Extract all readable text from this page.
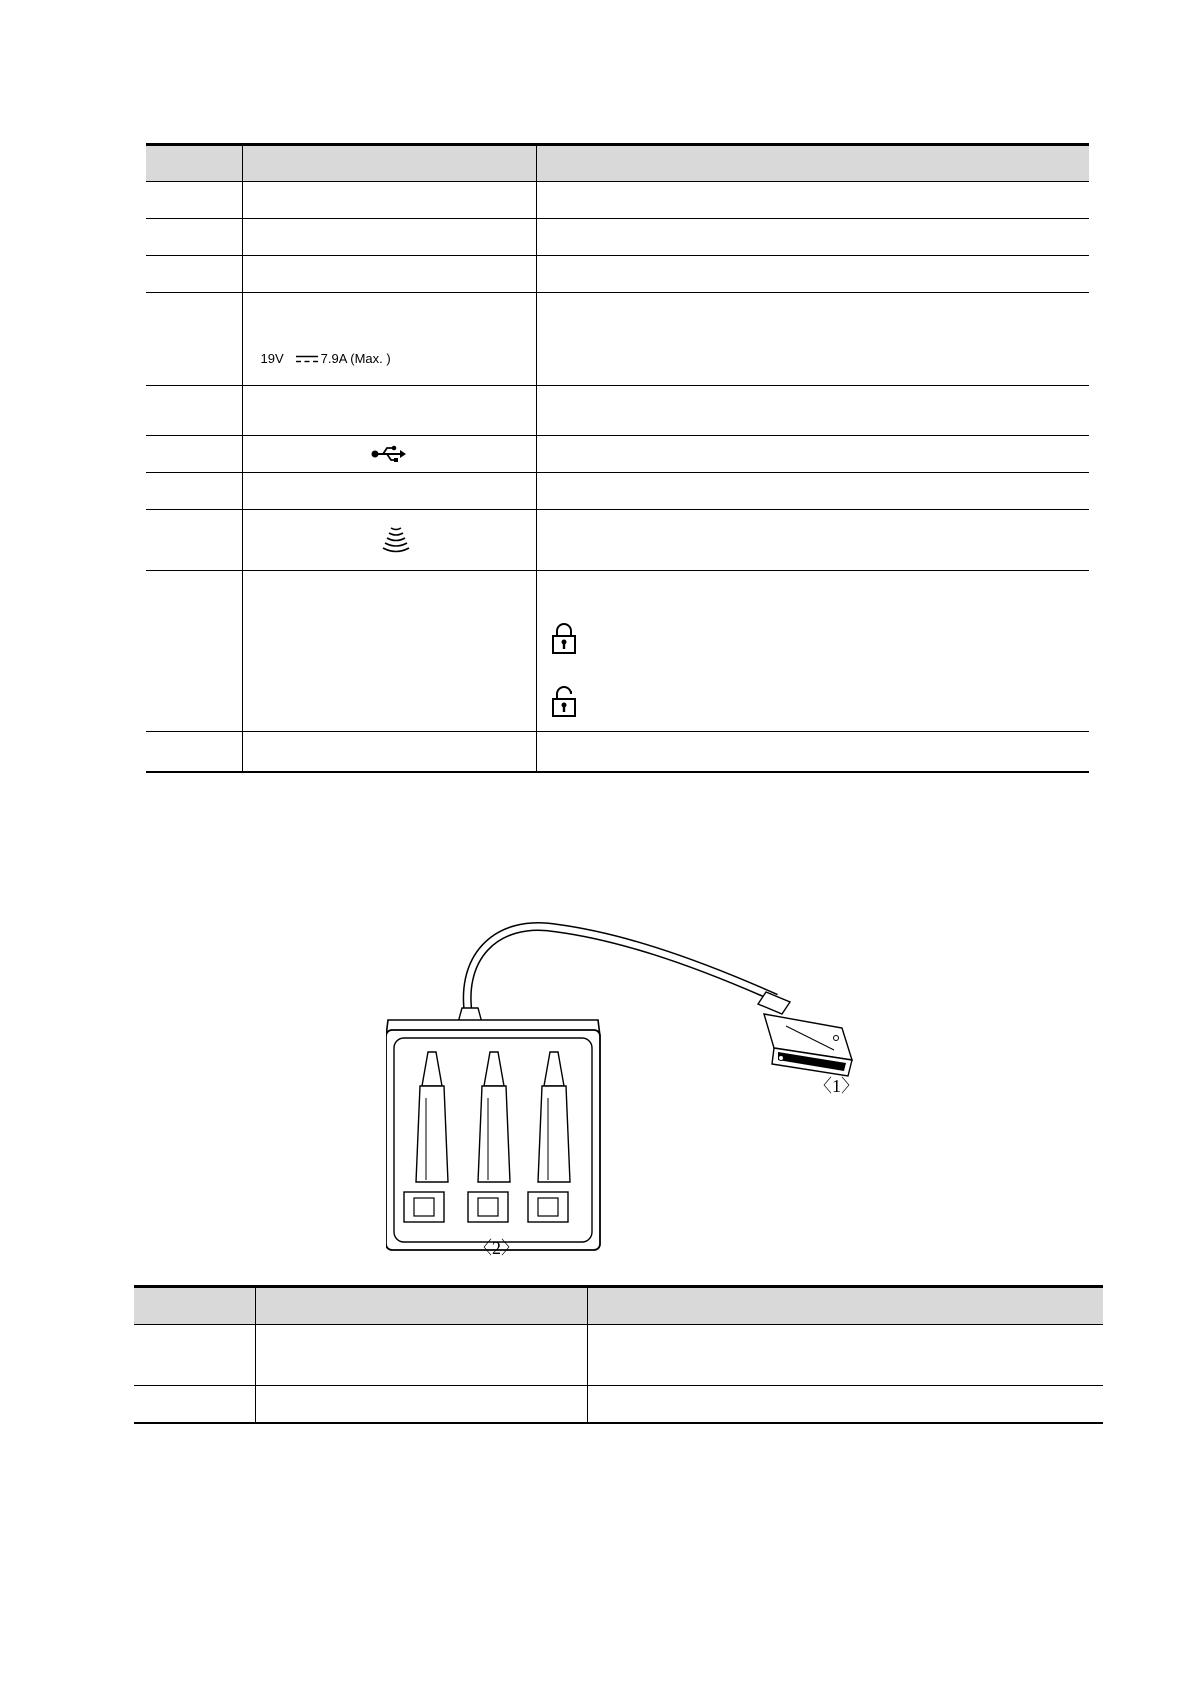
	19V 7.9A (Max. )	

〈1〉
〈2〉
